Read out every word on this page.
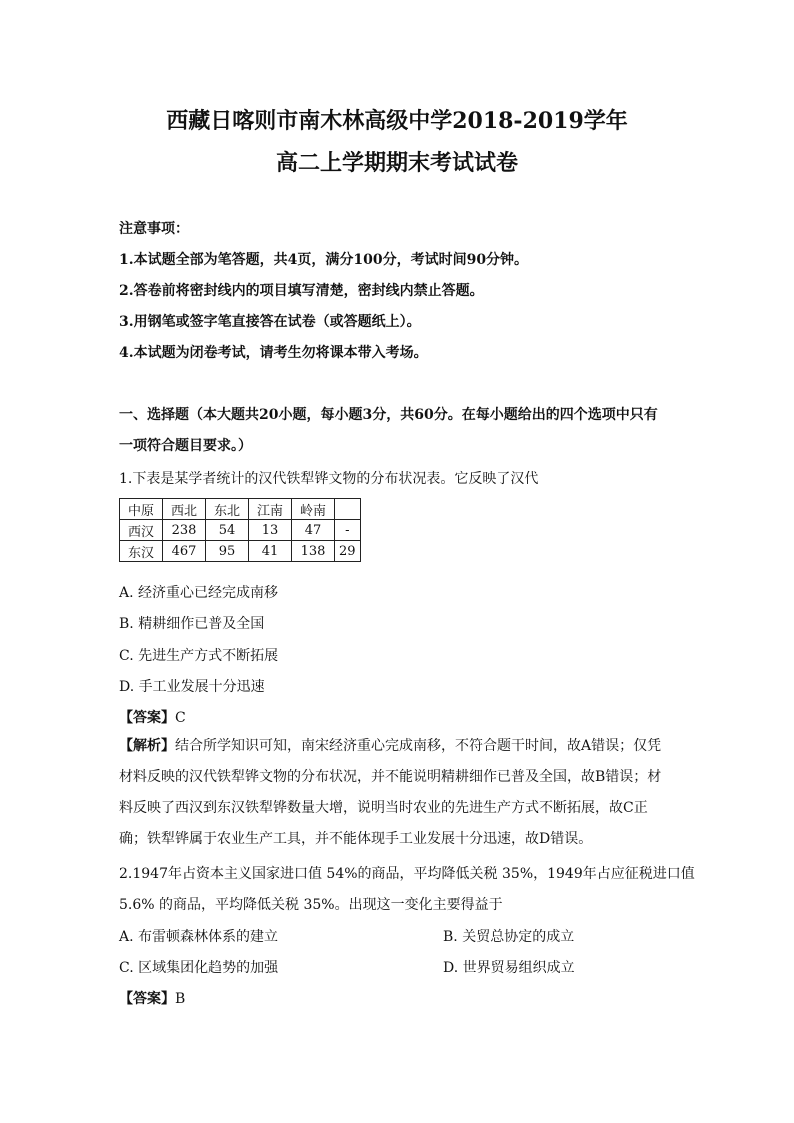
西藏日喀则市南木林高级中学2018-2019学年
高二上学期期末考试试卷
注意事项：
1.本试题全部为笔答题，共4页，满分100分，考试时间90分钟。
2.答卷前将密封线内的项目填写清楚，密封线内禁止答题。
3.用钢笔或签字笔直接答在试卷（或答题纸上）。
4.本试题为闭卷考试，请考生勿将课本带入考场。
一、选择题（本大题共20小题，每小题3分，共60分。在每小题给出的四个选项中只有
一项符合题目要求。）
1.下表是某学者统计的汉代铁犁铧文物的分布状况表。它反映了汉代
中原	西北	东北	江南	岭南	
西汉	238	54	13	47	-
东汉	467	95	41	138	29
A. 经济重心已经完成南移
B. 精耕细作已普及全国
C. 先进生产方式不断拓展
D. 手工业发展十分迅速
【答案】C
【解析】结合所学知识可知，南宋经济重心完成南移，不符合题干时间，故A错误；仅凭材料反映的汉代铁犁铧文物的分布状况，并不能说明精耕细作已普及全国，故B错误；材料反映了西汉到东汉铁犁铧数量大增，说明当时农业的先进生产方式不断拓展，故C正确；铁犁铧属于农业生产工具，并不能体现手工业发展十分迅速，故D错误。
2.1947年占资本主义国家进口值 54%的商品，平均降低关税 35%，1949年占应征税进口值
5.6% 的商品，平均降低关税 35%。出现这一变化主要得益于
A. 布雷顿森林体系的建立	B. 关贸总协定的成立
C. 区域集团化趋势的加强	D. 世界贸易组织成立
【答案】B
